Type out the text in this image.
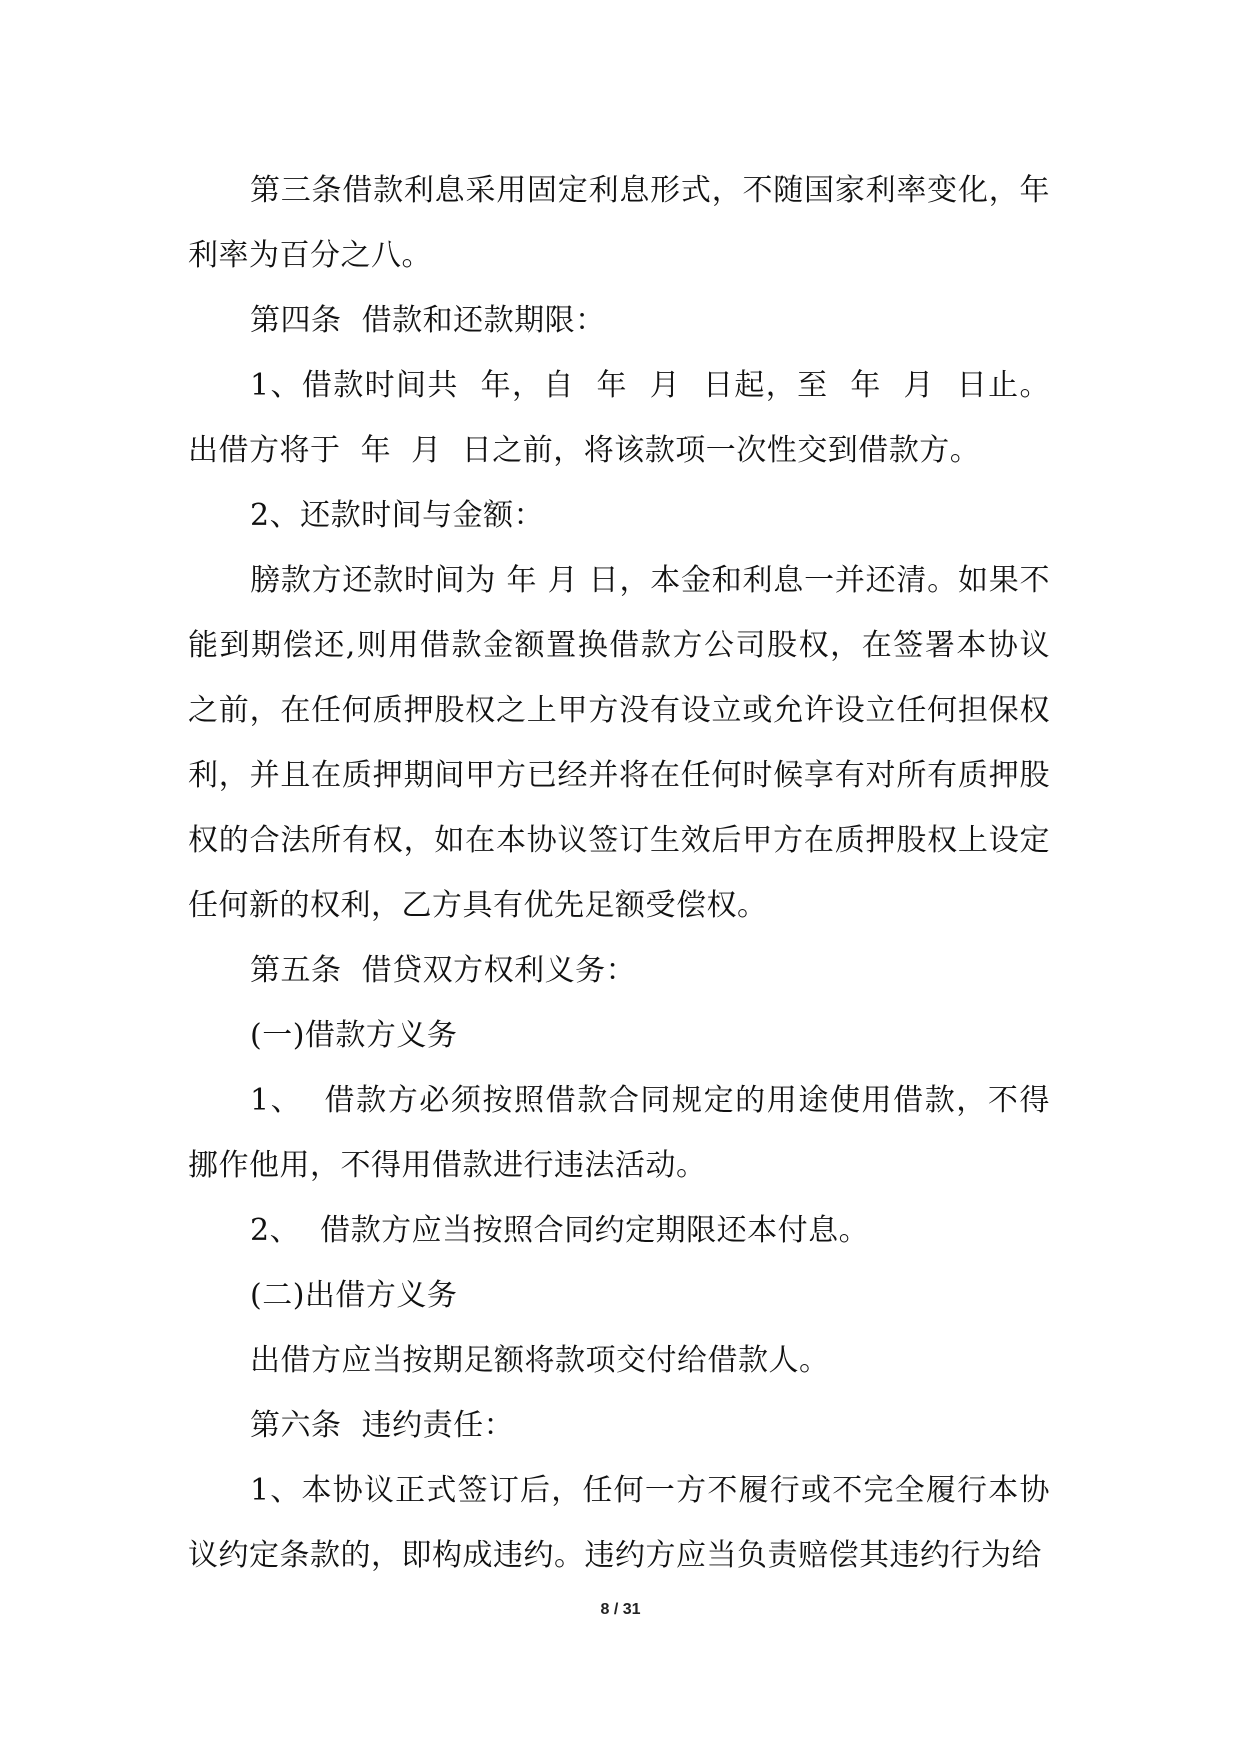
第三条借款利息采用固定利息形式，不随国家利率变化，年利率为百分之八。

第四条  借款和还款期限：

1、借款时间共  年，自  年  月  日起，至  年  月  日止。出借方将于  年  月  日之前，将该款项一次性交到借款方。

2、还款时间与金额：

膀款方还款时间为 年 月 日，本金和利息一并还清。如果不能到期偿还,则用借款金额置换借款方公司股权，在签署本协议之前，在任何质押股权之上甲方没有设立或允许设立任何担保权利，并且在质押期间甲方已经并将在任何时候享有对所有质押股权的合法所有权，如在本协议签订生效后甲方在质押股权上设定任何新的权利，乙方具有优先足额受偿权。

第五条  借贷双方权利义务：

(一)借款方义务

1、  借款方必须按照借款合同规定的用途使用借款，不得挪作他用，不得用借款进行违法活动。

2、  借款方应当按照合同约定期限还本付息。

(二)出借方义务

出借方应当按期足额将款项交付给借款人。

第六条  违约责任：

1、本协议正式签订后，任何一方不履行或不完全履行本协议约定条款的，即构成违约。违约方应当负责赔偿其违约行为给

8 / 31
